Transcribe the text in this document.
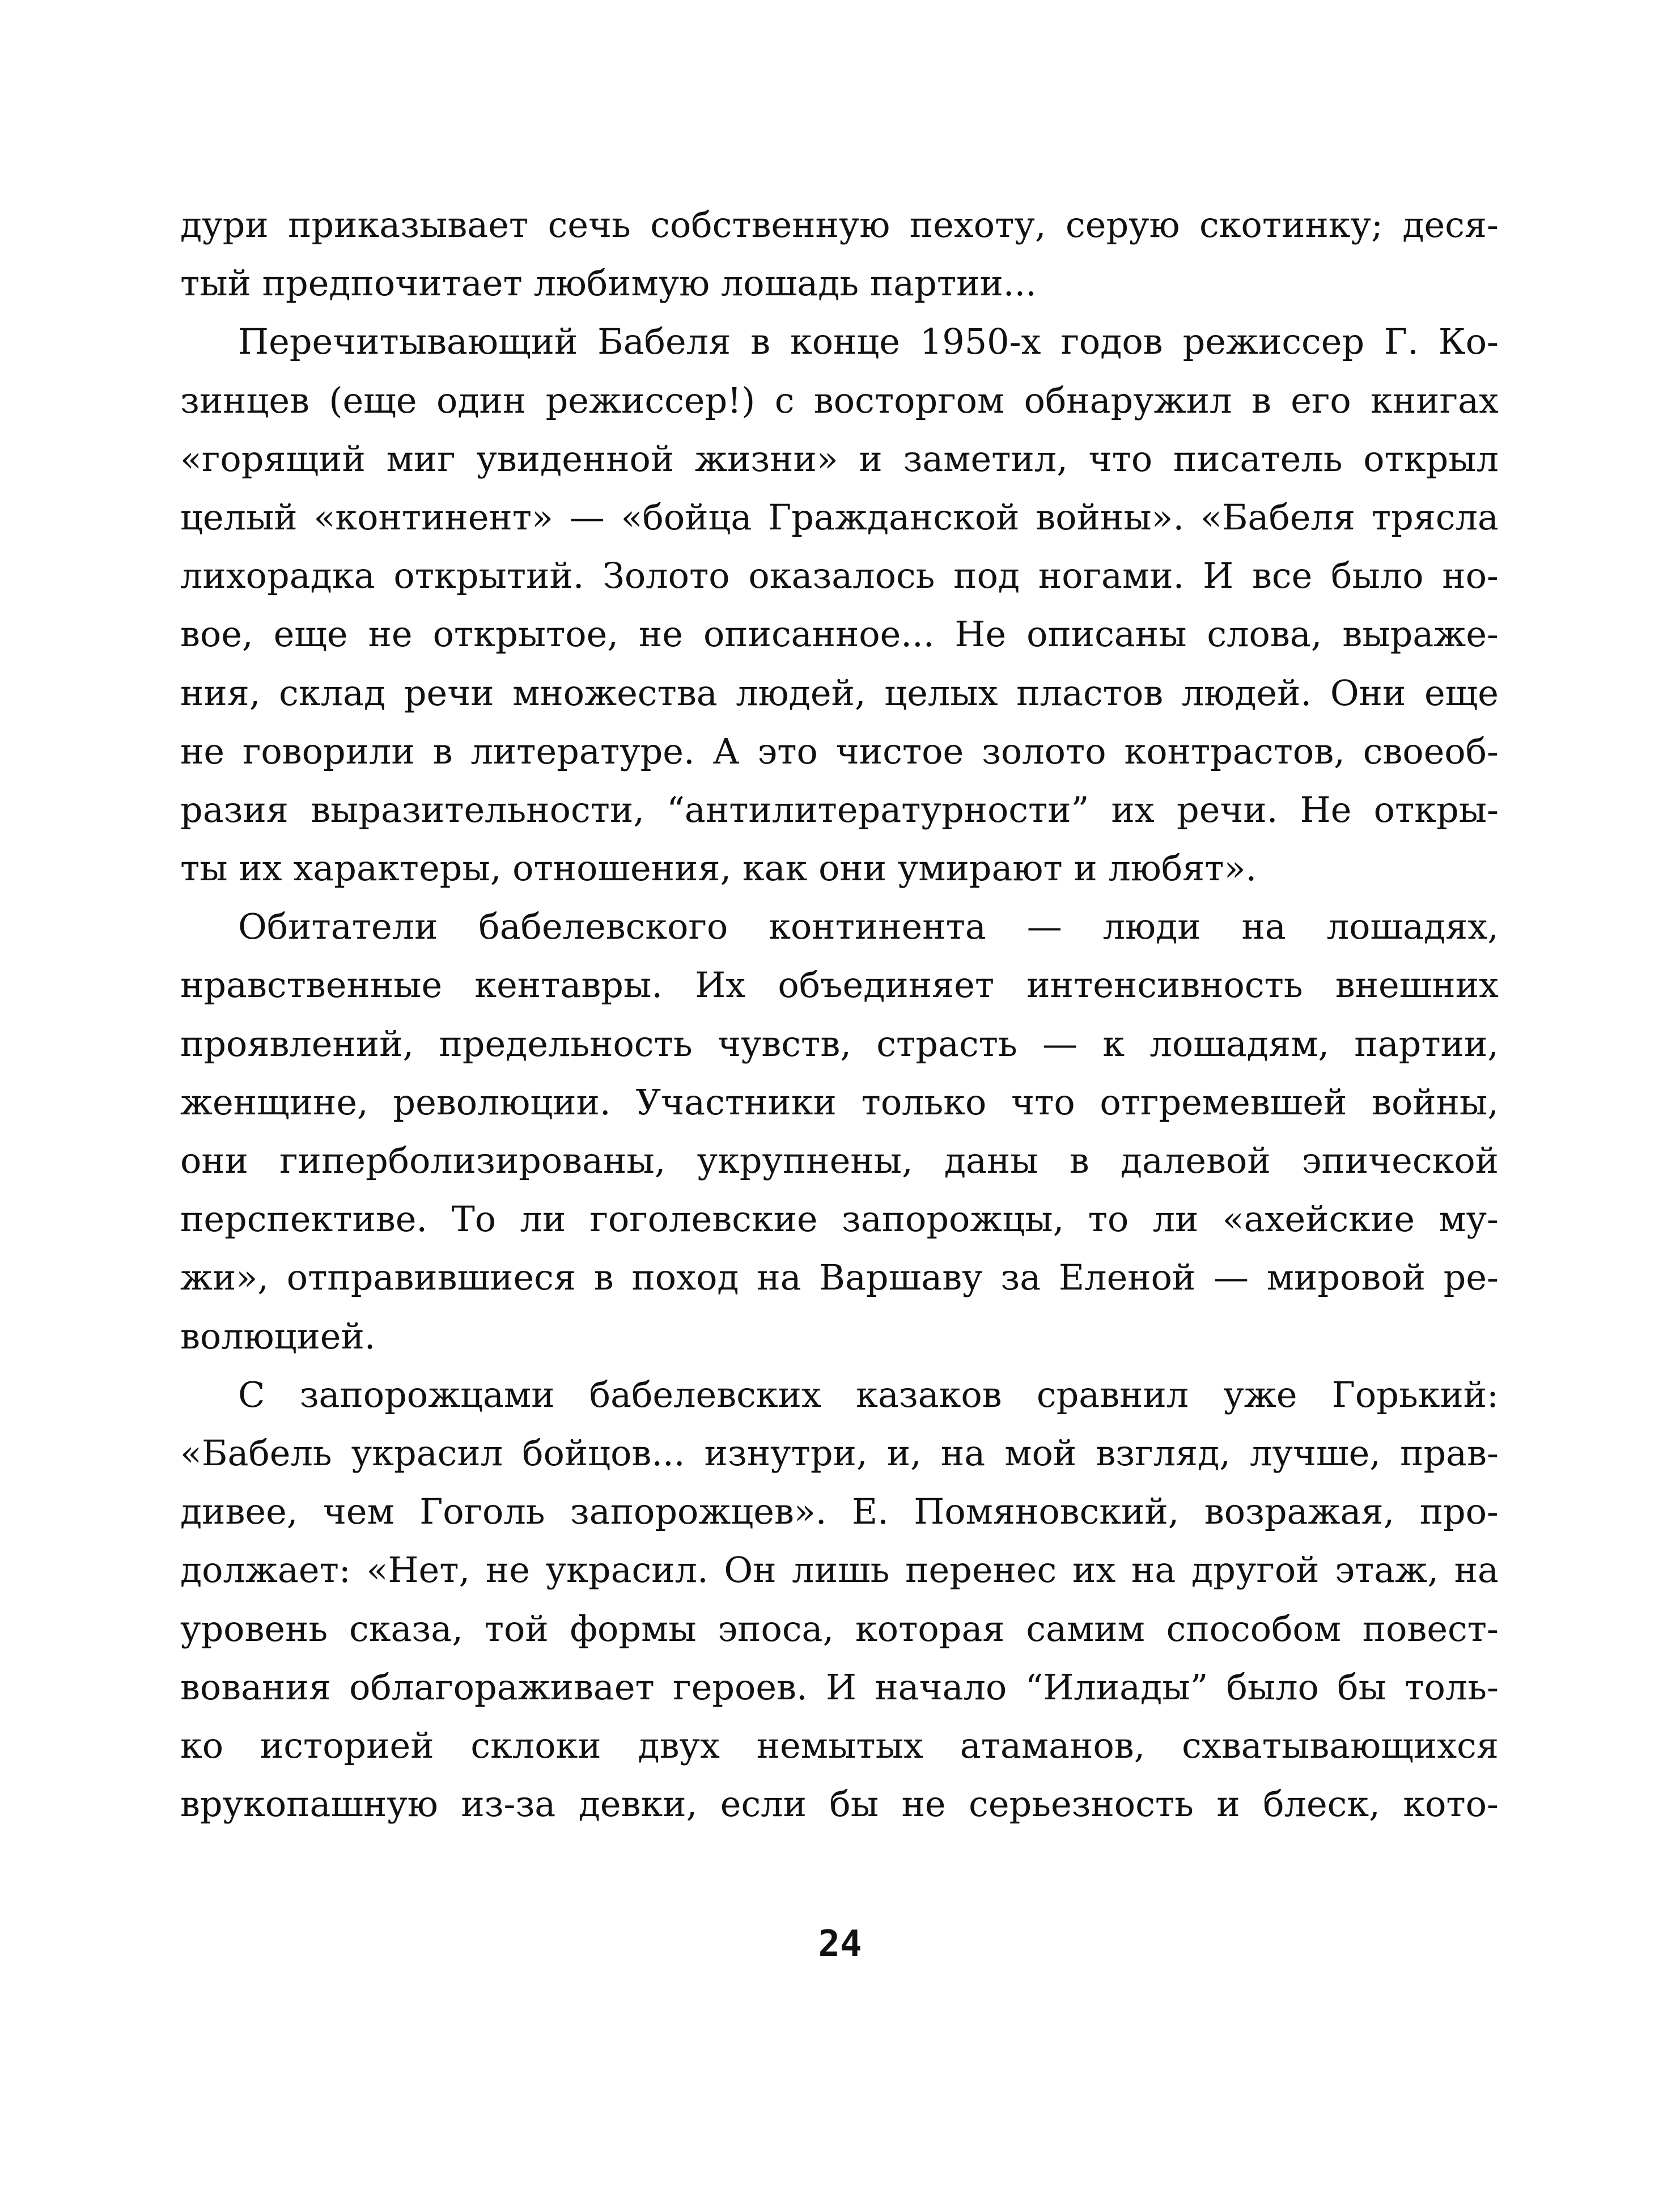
дури приказывает сечь собственную пехоту, серую скотинку; деся-
тый предпочитает любимую лошадь партии...
Перечитывающий Бабеля в конце 1950-х годов режиссер Г. Ко-
зинцев (еще один режиссер!) с восторгом обнаружил в его книгах
«горящий миг увиденной жизни» и заметил, что писатель открыл
целый «континент» — «бойца Гражданской войны». «Бабеля трясла
лихорадка открытий. Золото оказалось под ногами. И все было но-
вое, еще не открытое, не описанное... Не описаны слова, выраже-
ния, склад речи множества людей, целых пластов людей. Они еще
не говорили в литературе. А это чистое золото контрастов, своеоб-
разия выразительности, “антилитературности” их речи. Не откры-
ты их характеры, отношения, как они умирают и любят».
Обитатели бабелевского континента — люди на лошадях,
нравственные кентавры. Их объединяет интенсивность внешних
проявлений, предельность чувств, страсть — к лошадям, партии,
женщине, революции. Участники только что отгремевшей войны,
они гиперболизированы, укрупнены, даны в далевой эпической
перспективе. То ли гоголевские запорожцы, то ли «ахейские му-
жи», отправившиеся в поход на Варшаву за Еленой — мировой ре-
волюцией.
С запорожцами бабелевских казаков сравнил уже Горький:
«Бабель украсил бойцов... изнутри, и, на мой взгляд, лучше, прав-
дивее, чем Гоголь запорожцев». Е. Помяновский, возражая, про-
должает: «Нет, не украсил. Он лишь перенес их на другой этаж, на
уровень сказа, той формы эпоса, которая самим способом повест-
вования облагораживает героев. И начало “Илиады” было бы толь-
ко историей склоки двух немытых атаманов, схватывающихся
врукопашную из-за девки, если бы не серьезность и блеск, кото-
24
